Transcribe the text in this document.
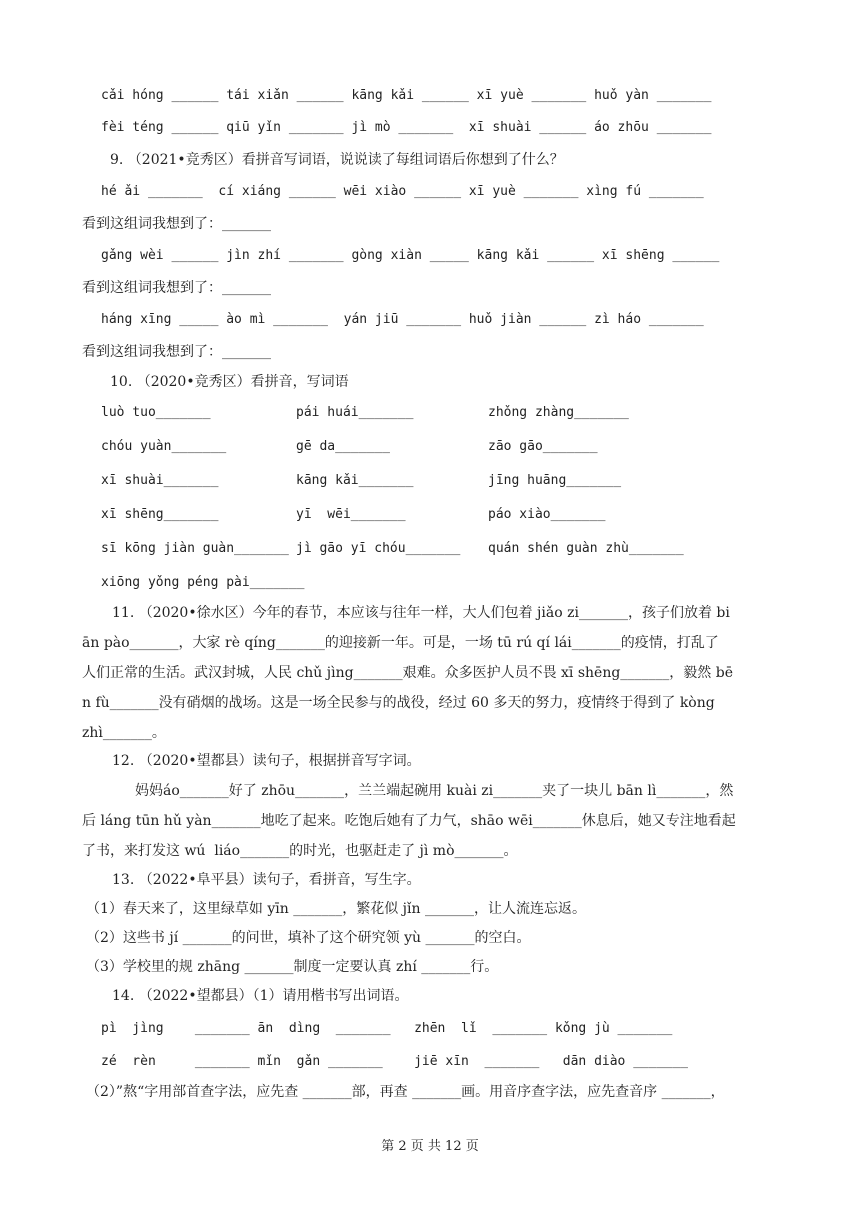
cǎi hóng ______ tái xiǎn ______ kāng kǎi ______ xī yuè _______ huǒ yàn _______
fèi téng ______ qiū yǐn _______ jì mò _______  xī shuài ______ áo zhōu _______
9. （2021•竞秀区）看拼音写词语，说说读了每组词语后你想到了什么？
hé ǎi _______  cí xiáng ______ wēi xiào ______ xī yuè _______ xìng fú _______
看到这组词我想到了：_______
gǎng wèi ______ jìn zhí _______ gòng xiàn _____ kāng kǎi ______ xī shēng ______
看到这组词我想到了：_______
háng xīng _____ ào mì _______  yán jiū _______ huǒ jiàn ______ zì háo _______
看到这组词我想到了：_______
10. （2020•竞秀区）看拼音，写词语
luò tuo_______	pái huái_______	zhǒng zhàng_______
chóu yuàn_______	gē da_______	zāo gāo_______
xī shuài_______	kāng kǎi_______	jīng huāng_______
xī shēng_______	yī  wēi_______	páo xiào_______
sī kōng jiàn guàn_______ jì gāo yī chóu_______ quán shén guàn zhù_______
xiōng yǒng péng pài_______
11. （2020•徐水区）今年的春节，本应该与往年一样，大人们包着 jiǎo zi_______，孩子们放着 bi
ān pào_______，大家 rè qíng_______的迎接新一年。可是，一场 tū rú qí lái_______的疫情，打乱了
人们正常的生活。武汉封城，人民 chǔ jìng_______艰难。众多医护人员不畏 xī shēng_______，毅然 bē
n fù_______没有硝烟的战场。这是一场全民参与的战役，经过 60 多天的努力，疫情终于得到了 kòng
zhì_______。
12. （2020•望都县）读句子，根据拼音写字词。
妈妈áo_______好了 zhōu_______，兰兰端起碗用 kuài zi_______夹了一块儿 bān lì_______，然
后 láng tūn hǔ yàn_______地吃了起来。吃饱后她有了力气，shāo wēi_______休息后，她又专注地看起
了书，来打发这 wú  liáo_______的时光，也驱赶走了 jì mò_______。
13. （2022•阜平县）读句子，看拼音，写生字。
（1）春天来了，这里绿草如 yīn _______，繁花似 jǐn _______，让人流连忘返。
（2）这些书 jí _______的问世，填补了这个研究领 yù _______的空白。
（3）学校里的规 zhāng _______制度一定要认真 zhí _______行。
14. （2022•望都县）（1）请用楷书写出词语。
pì  jìng    _______ ān  dìng  _______   zhēn  lǐ  _______ kǒng jù _______
zé  rèn     _______ mǐn  gǎn _______    jiē xīn  _______   dān diào _______
（2）”熬“字用部首查字法，应先查 _______部，再查 _______画。用音序查字法，应先查音序 _______，
第 2 页 共 12 页
